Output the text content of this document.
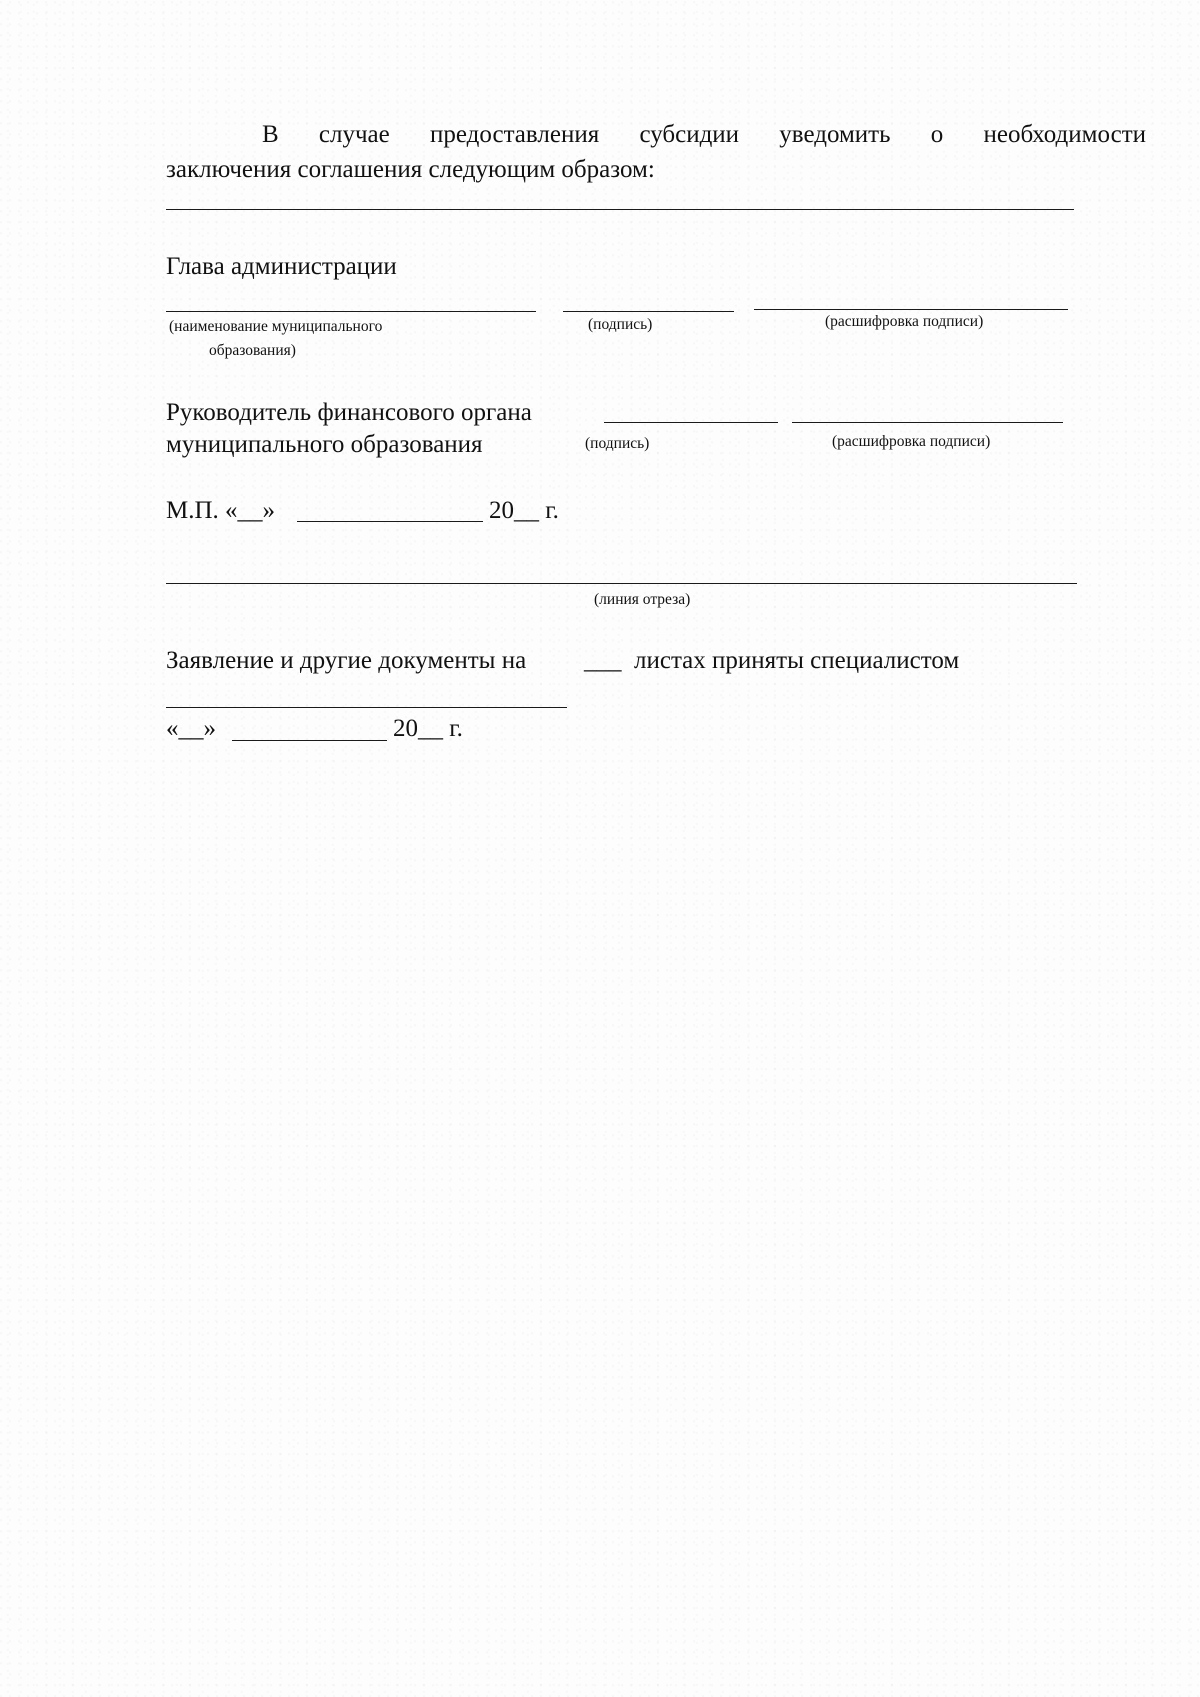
В случае предоставления субсидии уведомить о необходимости
заключения соглашения следующим образом:
Глава администрации
(наименование муниципального
образования)
(подпись)	(расшифровка подписи)
Руководитель финансового органа
муниципального образования	(подпись)	(расшифровка подписи)
М.П. «__»	20__ г.
(линия отреза)
Заявление и другие документы на ___ листах приняты специалистом
«__»	20__ г.
